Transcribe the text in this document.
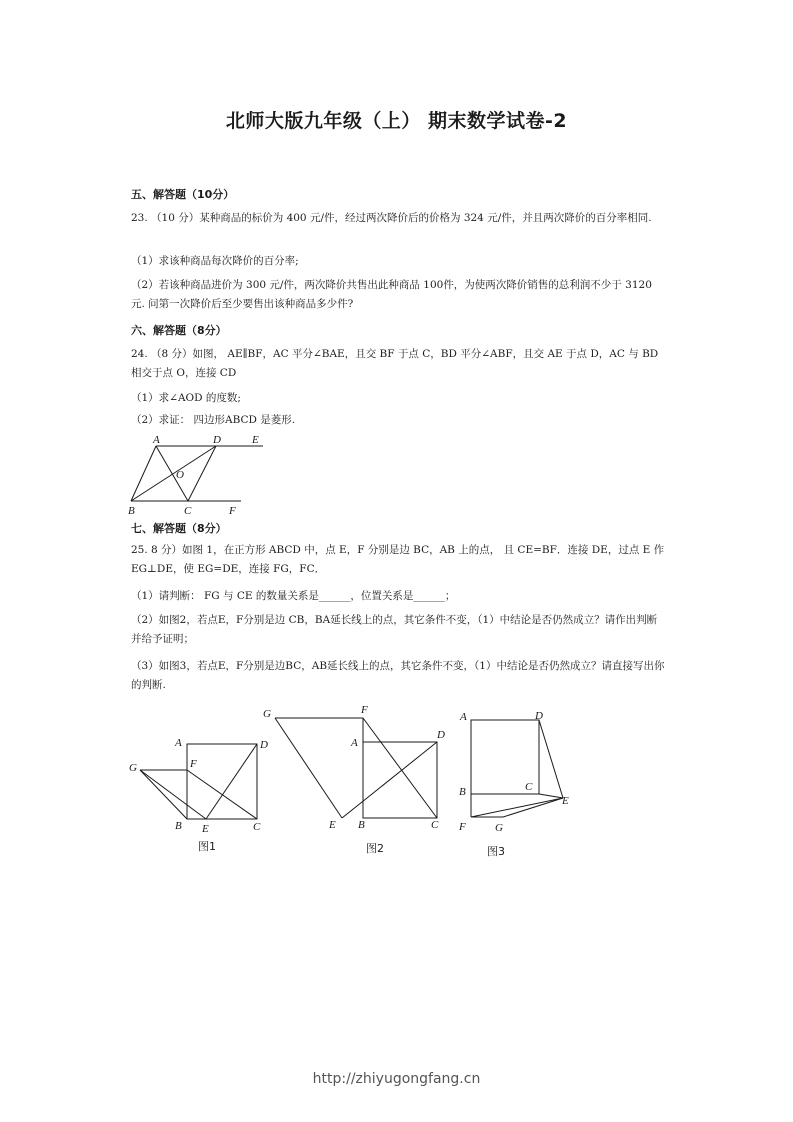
北师大版九年级（上） 期末数学试卷-2
五、解答题（10分）
23. （10 分）某种商品的标价为 400 元/件，经过两次降价后的价格为 324 元/件，并且两次降价的百分率相同.
（1）求该种商品每次降价的百分率;
（2）若该种商品进价为 300 元/件，两次降价共售出此种商品 100件，为使两次降价销售的总利润不少于 3120 元. 问第一次降价后至少要售出该种商品多少件?
六、解答题（8分）
24. （8 分）如图， AE∥BF，AC 平分∠BAE，且交 BF 于点 C，BD 平分∠ABF，且交 AE 于点 D，AC 与 BD 相交于点 O，连接 CD
（1）求∠AOD 的度数;
（2）求证： 四边形ABCD 是菱形.
A	D	E
O
B	C	F
七、解答题（8分）
25. 8 分）如图 1，在正方形 ABCD 中，点 E，F 分别是边 BC，AB 上的点， 且 CE=BF．连接 DE，过点 E 作 EG⊥DE，使 EG=DE，连接 FG，FC．
（1）请判断： FG 与 CE 的数量关系是______，位置关系是______；
（2）如图2，若点E，F分别是边 CB，BA延长线上的点，其它条件不变，（1）中结论是否仍然成立？请作出判断并给予证明；
（3）如图3，若点E，F分别是边BC，AB延长线上的点，其它条件不变，（1）中结论是否仍然成立？请直接写出你的判断.
A	D
G	F
B E	C
图1
G	F
A
D
E B	C
图2
A	D
C
B
E
F	G
图3
http://zhiyugongfang.cn
